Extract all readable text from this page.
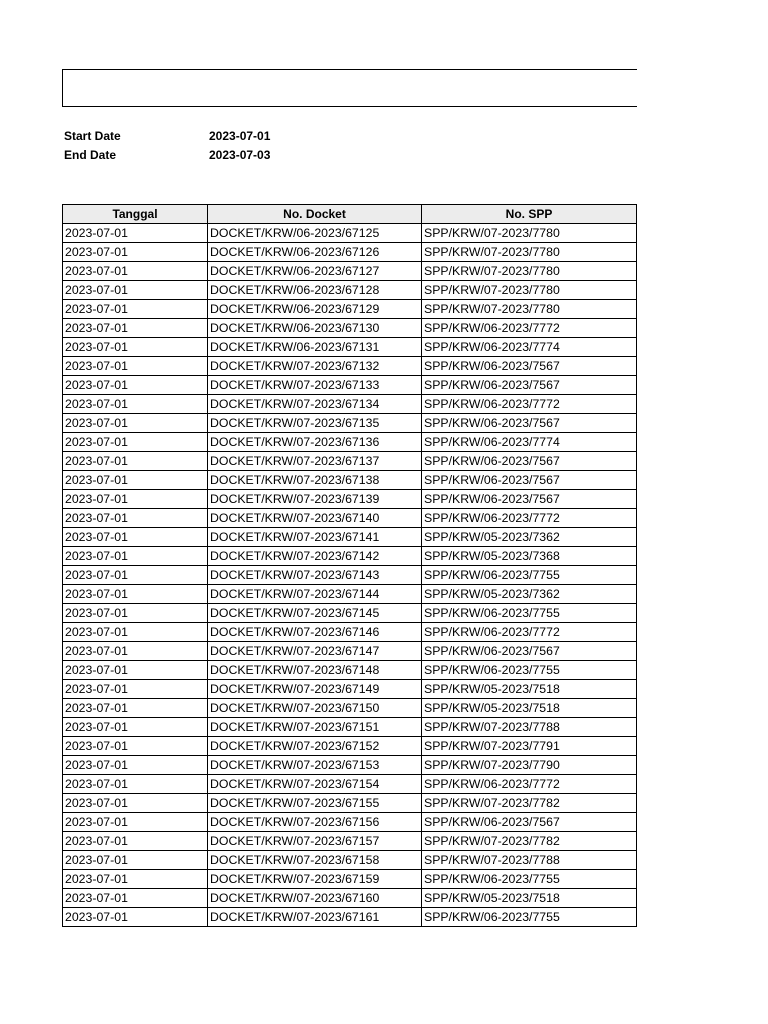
Start Date	2023-07-01
End Date	2023-07-03
Tanggal	No. Docket	No. SPP
2023-07-01	DOCKET/KRW/06-2023/67125	SPP/KRW/07-2023/7780
2023-07-01	DOCKET/KRW/06-2023/67126	SPP/KRW/07-2023/7780
2023-07-01	DOCKET/KRW/06-2023/67127	SPP/KRW/07-2023/7780
2023-07-01	DOCKET/KRW/06-2023/67128	SPP/KRW/07-2023/7780
2023-07-01	DOCKET/KRW/06-2023/67129	SPP/KRW/07-2023/7780
2023-07-01	DOCKET/KRW/06-2023/67130	SPP/KRW/06-2023/7772
2023-07-01	DOCKET/KRW/06-2023/67131	SPP/KRW/06-2023/7774
2023-07-01	DOCKET/KRW/07-2023/67132	SPP/KRW/06-2023/7567
2023-07-01	DOCKET/KRW/07-2023/67133	SPP/KRW/06-2023/7567
2023-07-01	DOCKET/KRW/07-2023/67134	SPP/KRW/06-2023/7772
2023-07-01	DOCKET/KRW/07-2023/67135	SPP/KRW/06-2023/7567
2023-07-01	DOCKET/KRW/07-2023/67136	SPP/KRW/06-2023/7774
2023-07-01	DOCKET/KRW/07-2023/67137	SPP/KRW/06-2023/7567
2023-07-01	DOCKET/KRW/07-2023/67138	SPP/KRW/06-2023/7567
2023-07-01	DOCKET/KRW/07-2023/67139	SPP/KRW/06-2023/7567
2023-07-01	DOCKET/KRW/07-2023/67140	SPP/KRW/06-2023/7772
2023-07-01	DOCKET/KRW/07-2023/67141	SPP/KRW/05-2023/7362
2023-07-01	DOCKET/KRW/07-2023/67142	SPP/KRW/05-2023/7368
2023-07-01	DOCKET/KRW/07-2023/67143	SPP/KRW/06-2023/7755
2023-07-01	DOCKET/KRW/07-2023/67144	SPP/KRW/05-2023/7362
2023-07-01	DOCKET/KRW/07-2023/67145	SPP/KRW/06-2023/7755
2023-07-01	DOCKET/KRW/07-2023/67146	SPP/KRW/06-2023/7772
2023-07-01	DOCKET/KRW/07-2023/67147	SPP/KRW/06-2023/7567
2023-07-01	DOCKET/KRW/07-2023/67148	SPP/KRW/06-2023/7755
2023-07-01	DOCKET/KRW/07-2023/67149	SPP/KRW/05-2023/7518
2023-07-01	DOCKET/KRW/07-2023/67150	SPP/KRW/05-2023/7518
2023-07-01	DOCKET/KRW/07-2023/67151	SPP/KRW/07-2023/7788
2023-07-01	DOCKET/KRW/07-2023/67152	SPP/KRW/07-2023/7791
2023-07-01	DOCKET/KRW/07-2023/67153	SPP/KRW/07-2023/7790
2023-07-01	DOCKET/KRW/07-2023/67154	SPP/KRW/06-2023/7772
2023-07-01	DOCKET/KRW/07-2023/67155	SPP/KRW/07-2023/7782
2023-07-01	DOCKET/KRW/07-2023/67156	SPP/KRW/06-2023/7567
2023-07-01	DOCKET/KRW/07-2023/67157	SPP/KRW/07-2023/7782
2023-07-01	DOCKET/KRW/07-2023/67158	SPP/KRW/07-2023/7788
2023-07-01	DOCKET/KRW/07-2023/67159	SPP/KRW/06-2023/7755
2023-07-01	DOCKET/KRW/07-2023/67160	SPP/KRW/05-2023/7518
2023-07-01	DOCKET/KRW/07-2023/67161	SPP/KRW/06-2023/7755
